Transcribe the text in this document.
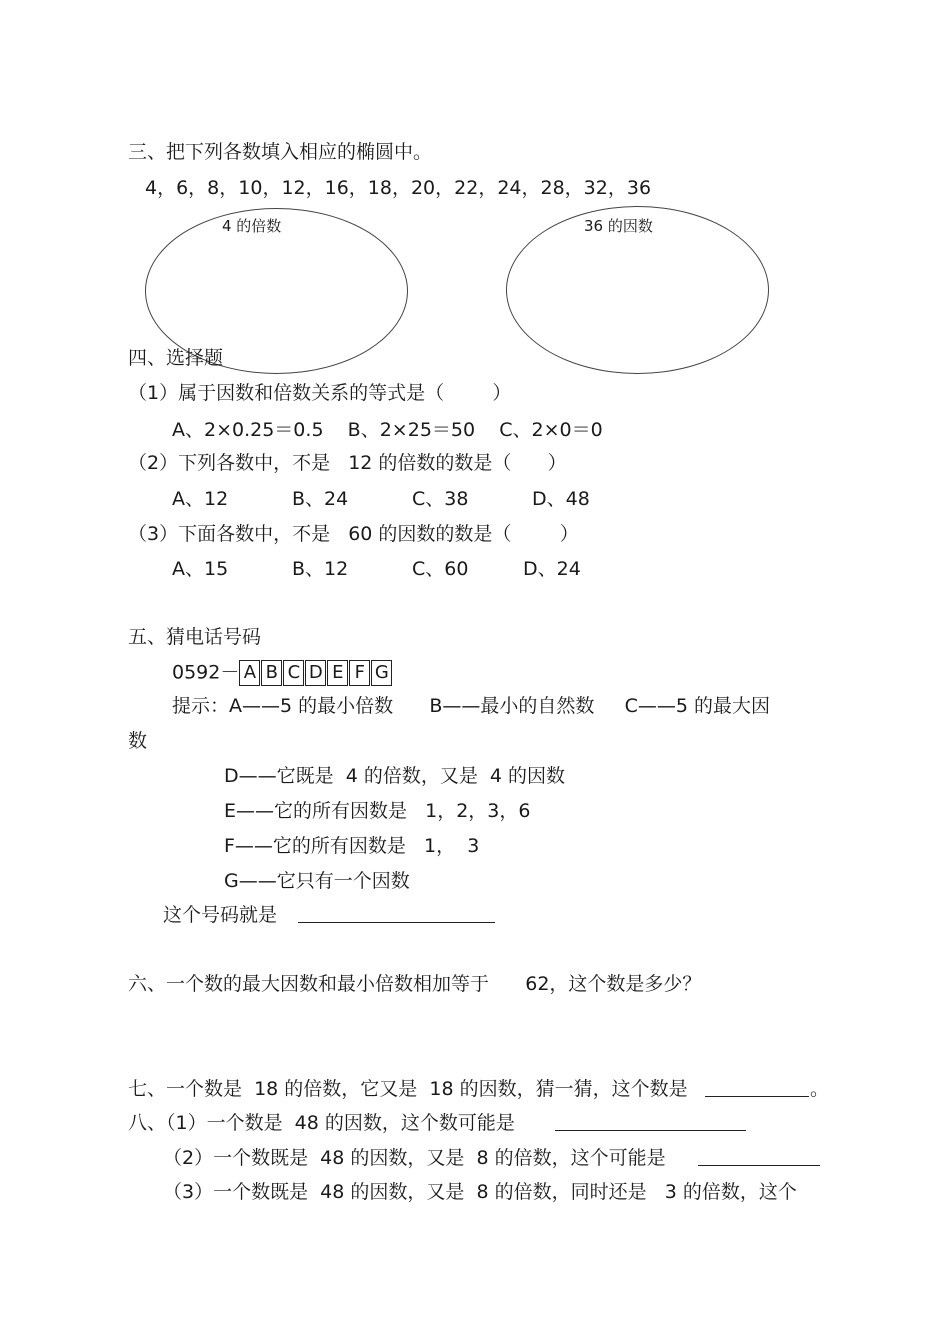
三、把下列各数填入相应的椭圆中。
4，6，8，10，12，16，18，20，22，24，28，32，36
4 的倍数	36 的因数
四、选择题
（1）属于因数和倍数关系的等式是（        ）
A、2×0.25＝0.5    B、2×25＝50    C、2×0＝0
（2）下列各数中，不是   12 的倍数的数是（      ）
A、12	B、24	C、38	D、48
（3）下面各数中，不是   60 的因数的数是（        ）
A、15	B、12	C、60	D、24
五、猜电话号码
0592－ A B C D E F G
提示：A——5 的最小倍数      B——最小的自然数     C——5 的最大因
数
D——它既是  4 的倍数，又是  4 的因数
E——它的所有因数是   1，2，3，6
F——它的所有因数是   1，  3
G——它只有一个因数
这个号码就是
六、一个数的最大因数和最小倍数相加等于      62，这个数是多少？
七、一个数是  18 的倍数，它又是  18 的因数，猜一猜，这个数是	。
八、（1）一个数是  48 的因数，这个数可能是
（2）一个数既是  48 的因数，又是  8 的倍数，这个可能是
（3）一个数既是  48 的因数，又是  8 的倍数，同时还是   3 的倍数，这个
